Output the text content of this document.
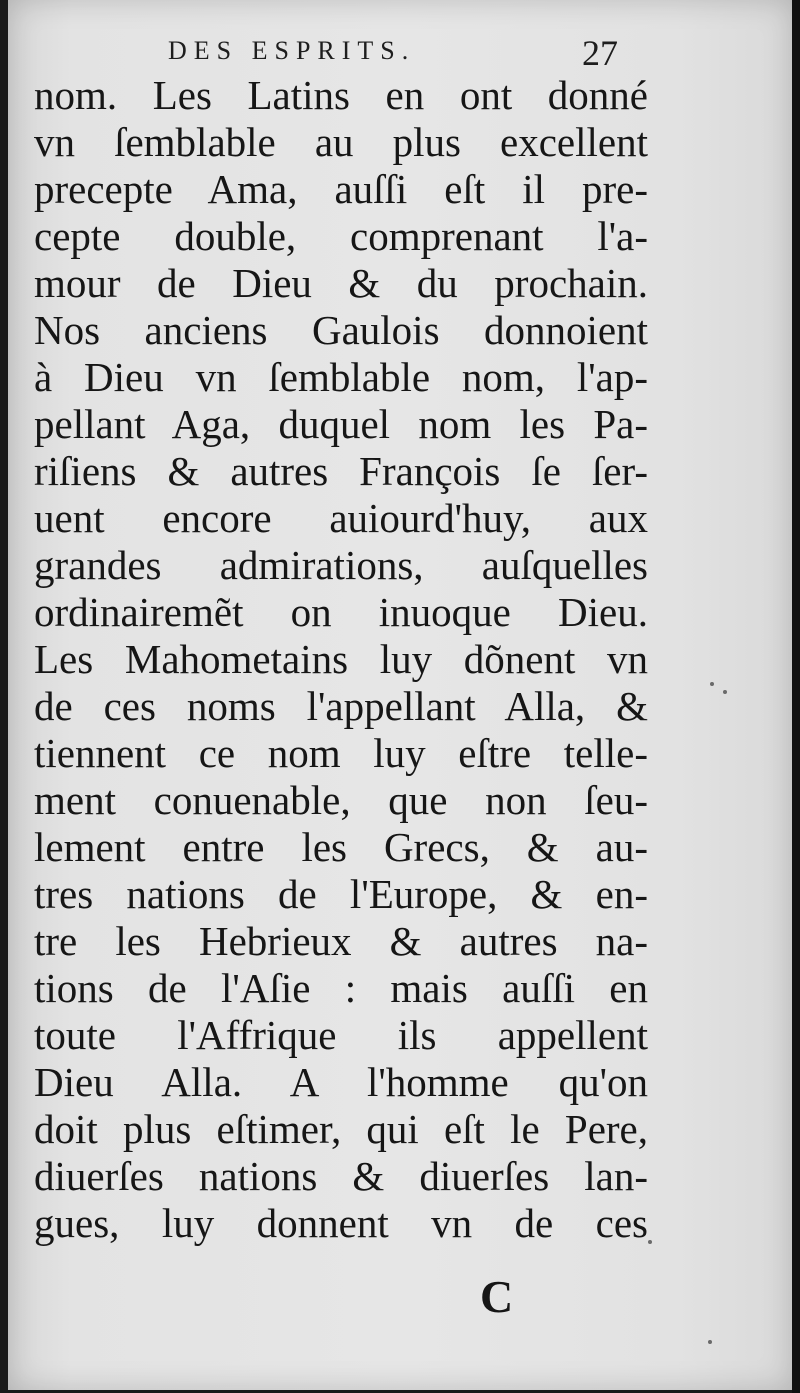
DES ESPRITS.	27
nom. Les Latins en ont donné
vn ſemblable au plus excellent
precepte Ama, auſſi eſt il pre-
cepte double, comprenant l'a-
mour de Dieu & du prochain.
Nos anciens Gaulois donnoient
à Dieu vn ſemblable nom, l'ap-
pellant Aga, duquel nom les Pa-
riſiens & autres François ſe ſer-
uent encore auiourd'huy, aux
grandes admirations, auſquelles
ordinairemẽt on inuoque Dieu.
Les Mahometains luy dõnent vn
de ces noms l'appellant Alla, &
tiennent ce nom luy eſtre telle-
ment conuenable, que non ſeu-
lement entre les Grecs, & au-
tres nations de l'Europe, & en-
tre les Hebrieux & autres na-
tions de l'Aſie : mais auſſi en
toute l'Affrique ils appellent
Dieu Alla. A l'homme qu'on
doit plus eſtimer, qui eſt le Pere,
diuerſes nations & diuerſes lan-
gues, luy donnent vn de ces
C
